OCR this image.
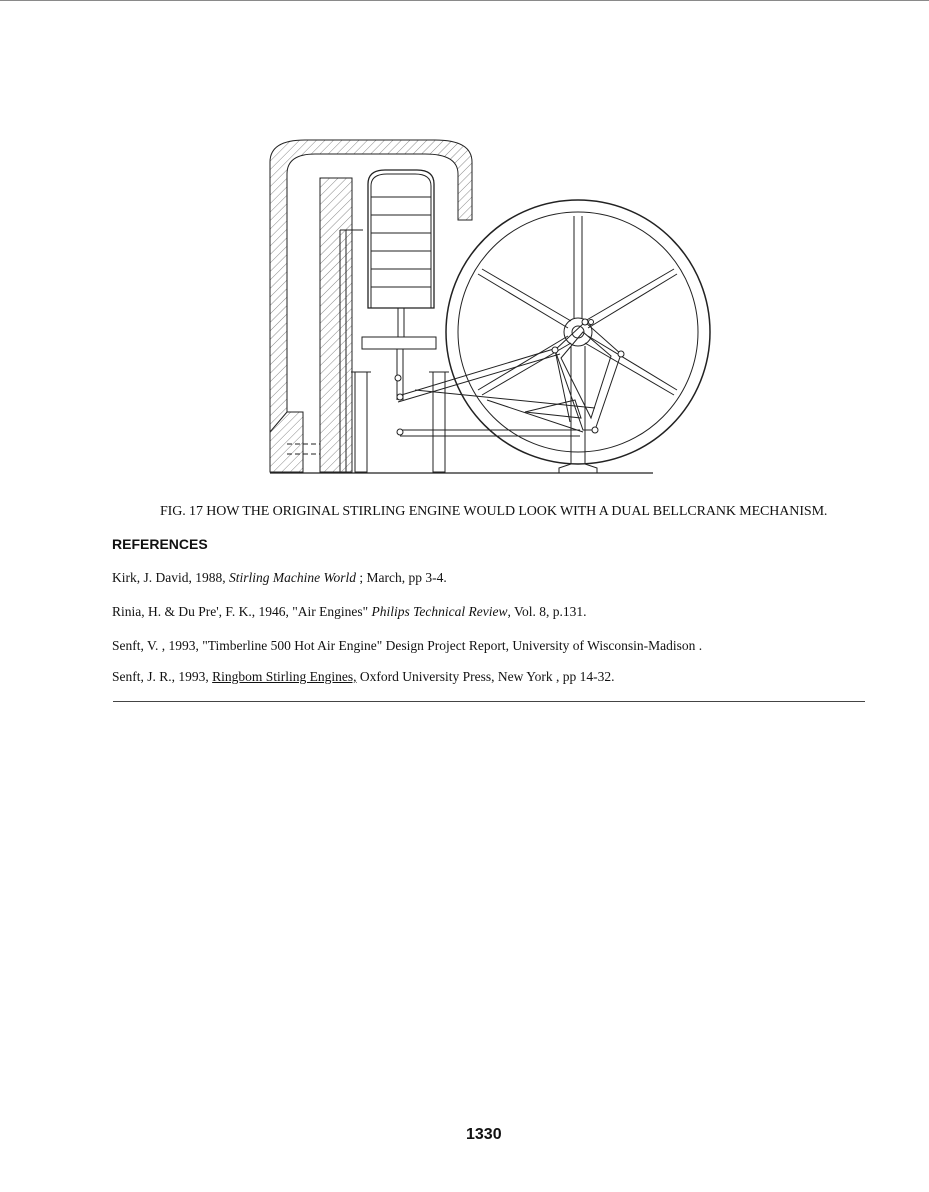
FIG. 17 HOW THE ORIGINAL STIRLING ENGINE WOULD LOOK WITH A DUAL BELLCRANK MECHANISM.
REFERENCES
Kirk, J. David, 1988, Stirling Machine World ; March, pp 3-4.
Rinia, H. & Du Pre', F. K., 1946, "Air Engines" Philips Technical Review, Vol. 8, p.131.
Senft, V. , 1993, "Timberline 500 Hot Air Engine" Design Project Report, University of Wisconsin-Madison .
Senft, J. R., 1993, Ringbom Stirling Engines, Oxford University Press, New York , pp 14-32.
1330
